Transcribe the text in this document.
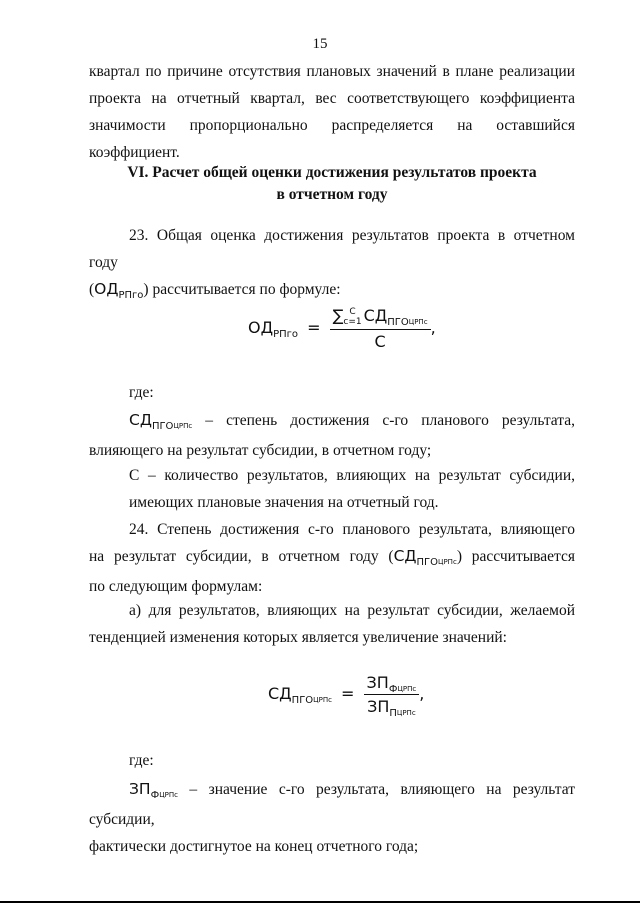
15

квартал по причине отсутствия плановых значений в плане реализации
проекта на отчетный квартал, вес соответствующего коэффициента
значимости пропорционально распределяется на оставшийся коэффициент.

VI. Расчет общей оценки достижения результатов проекта
в отчетном году

23. Общая оценка достижения результатов проекта в отчетном году
$(ОД_{РПго})$ рассчитывается по формуле:

$ОД_{РПго}$ = ∑ C
c=1 $СД_{ПГО}ЦРПс$
C ,
где:

$СД_{ПГО}ЦРПс$ – степень достижения с-го планового результата,
влияющего на результат субсидии, в отчетном году;

С – количество результатов, влияющих на результат субсидии,
имеющих плановые значения на отчетный год.

24. Степень достижения с-го планового результата, влияющего
на результат субсидии, в отчетном году $(СД_{ПГО}ЦРПс)$ рассчитывается
по следующим формулам:

а) для результатов, влияющих на результат субсидии, желаемой
тенденцией изменения которых является увеличение значений:

$СД_{ПГО}ЦРПс = \frac{ЗП_ФЦРПс}{ЗП_ПЦРПс}$ ,
где:

$ЗП_ФЦРПс$ – значение с-го результата, влияющего на результат субсидии,
фактически достигнутое на конец отчетного года;
